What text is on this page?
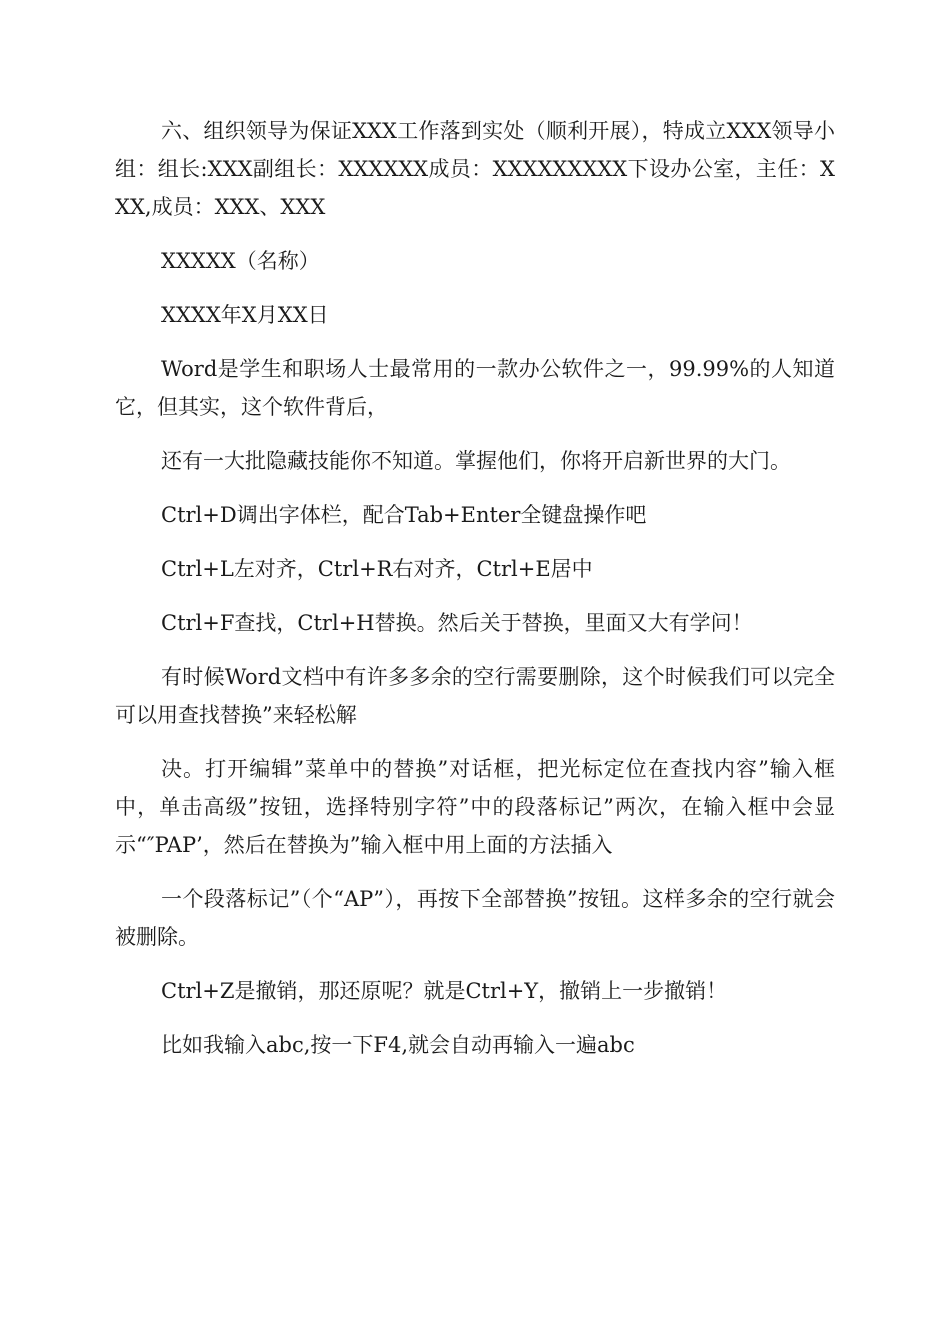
六、组织领导为保证XXX工作落到实处（顺利开展），特成立XXX领导小组：组长:XXX副组长：XXXXXX成员：XXXXXXXXX下设办公室，主任：XXX,成员：XXX、XXX

XXXXX（名称）

XXXX年X月XX日

Word是学生和职场人士最常用的一款办公软件之一，99.99%的人知道它，但其实，这个软件背后，

还有一大批隐藏技能你不知道。掌握他们，你将开启新世界的大门。

Ctrl+D调出字体栏，配合Tab+Enter全键盘操作吧

Ctrl+L左对齐，Ctrl+R右对齐，Ctrl+E居中

Ctrl+F查找，Ctrl+H替换。然后关于替换，里面又大有学问！

有时候Word文档中有许多多余的空行需要删除，这个时候我们可以完全可以用查找替换”来轻松解

决。打开编辑”菜单中的替换”对话框，把光标定位在查找内容”输入框中，单击高级”按钮，选择特别字符”中的段落标记”两次，在输入框中会显示“″PAP’，然后在替换为”输入框中用上面的方法插入

一个段落标记”（个“AP”），再按下全部替换”按钮。这样多余的空行就会被删除。

Ctrl+Z是撤销，那还原呢？就是Ctrl+Y，撤销上一步撤销！

比如我输入abc,按一下F4,就会自动再输入一遍abc
